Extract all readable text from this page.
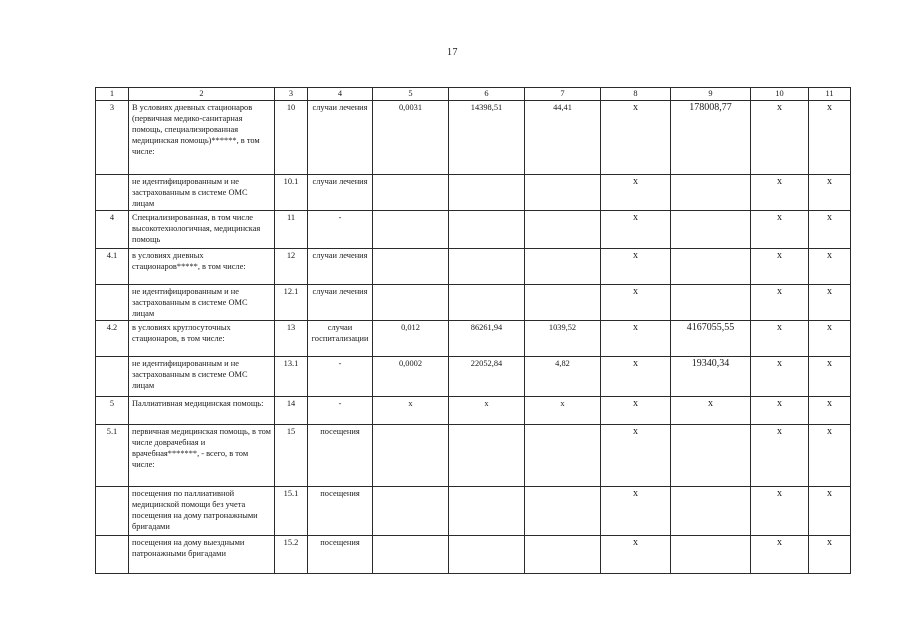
17
1	2	3	4	5	6	7	8	9	10	11
3	В условиях дневных стационаров (первичная медико-санитарная помощь, специализированная медицинская помощь)******, в том числе:	10	случаи лечения	0,0031	14398,51	44,41	x	178008,77	x	x
	не идентифицированным и не застрахованным в системе ОМС лицам	10.1	случаи лечения				x		x	x
4	Специализированная, в том числе высокотехнологичная, медицинская помощь	11	-				x		x	x
4.1	в условиях дневных стационаров*****, в том числе:	12	случаи лечения				x		x	x
	не идентифицированным и не застрахованным в системе ОМС лицам	12.1	случаи лечения				x		x	x
4.2	в условиях круглосуточных стационаров, в том числе:	13	случаи госпитализации	0,012	86261,94	1039,52	x	4167055,55	x	x
	не идентифицированным и не застрахованным в системе ОМС лицам	13.1	-	0,0002	22052,84	4,82	x	19340,34	x	x
5	Паллиативная медицинская помощь:	14	-	x	x	x	x	x	x	x
5.1	первичная медицинская помощь, в том числе доврачебная и врачебная*******, - всего, в том числе:	15	посещения				x		x	x
	посещения по паллиативной медицинской помощи без учета посещения на дому патронажными бригадами	15.1	посещения				x		x	x
	посещения на дому выездными патронажными бригадами	15.2	посещения				x		x	x
